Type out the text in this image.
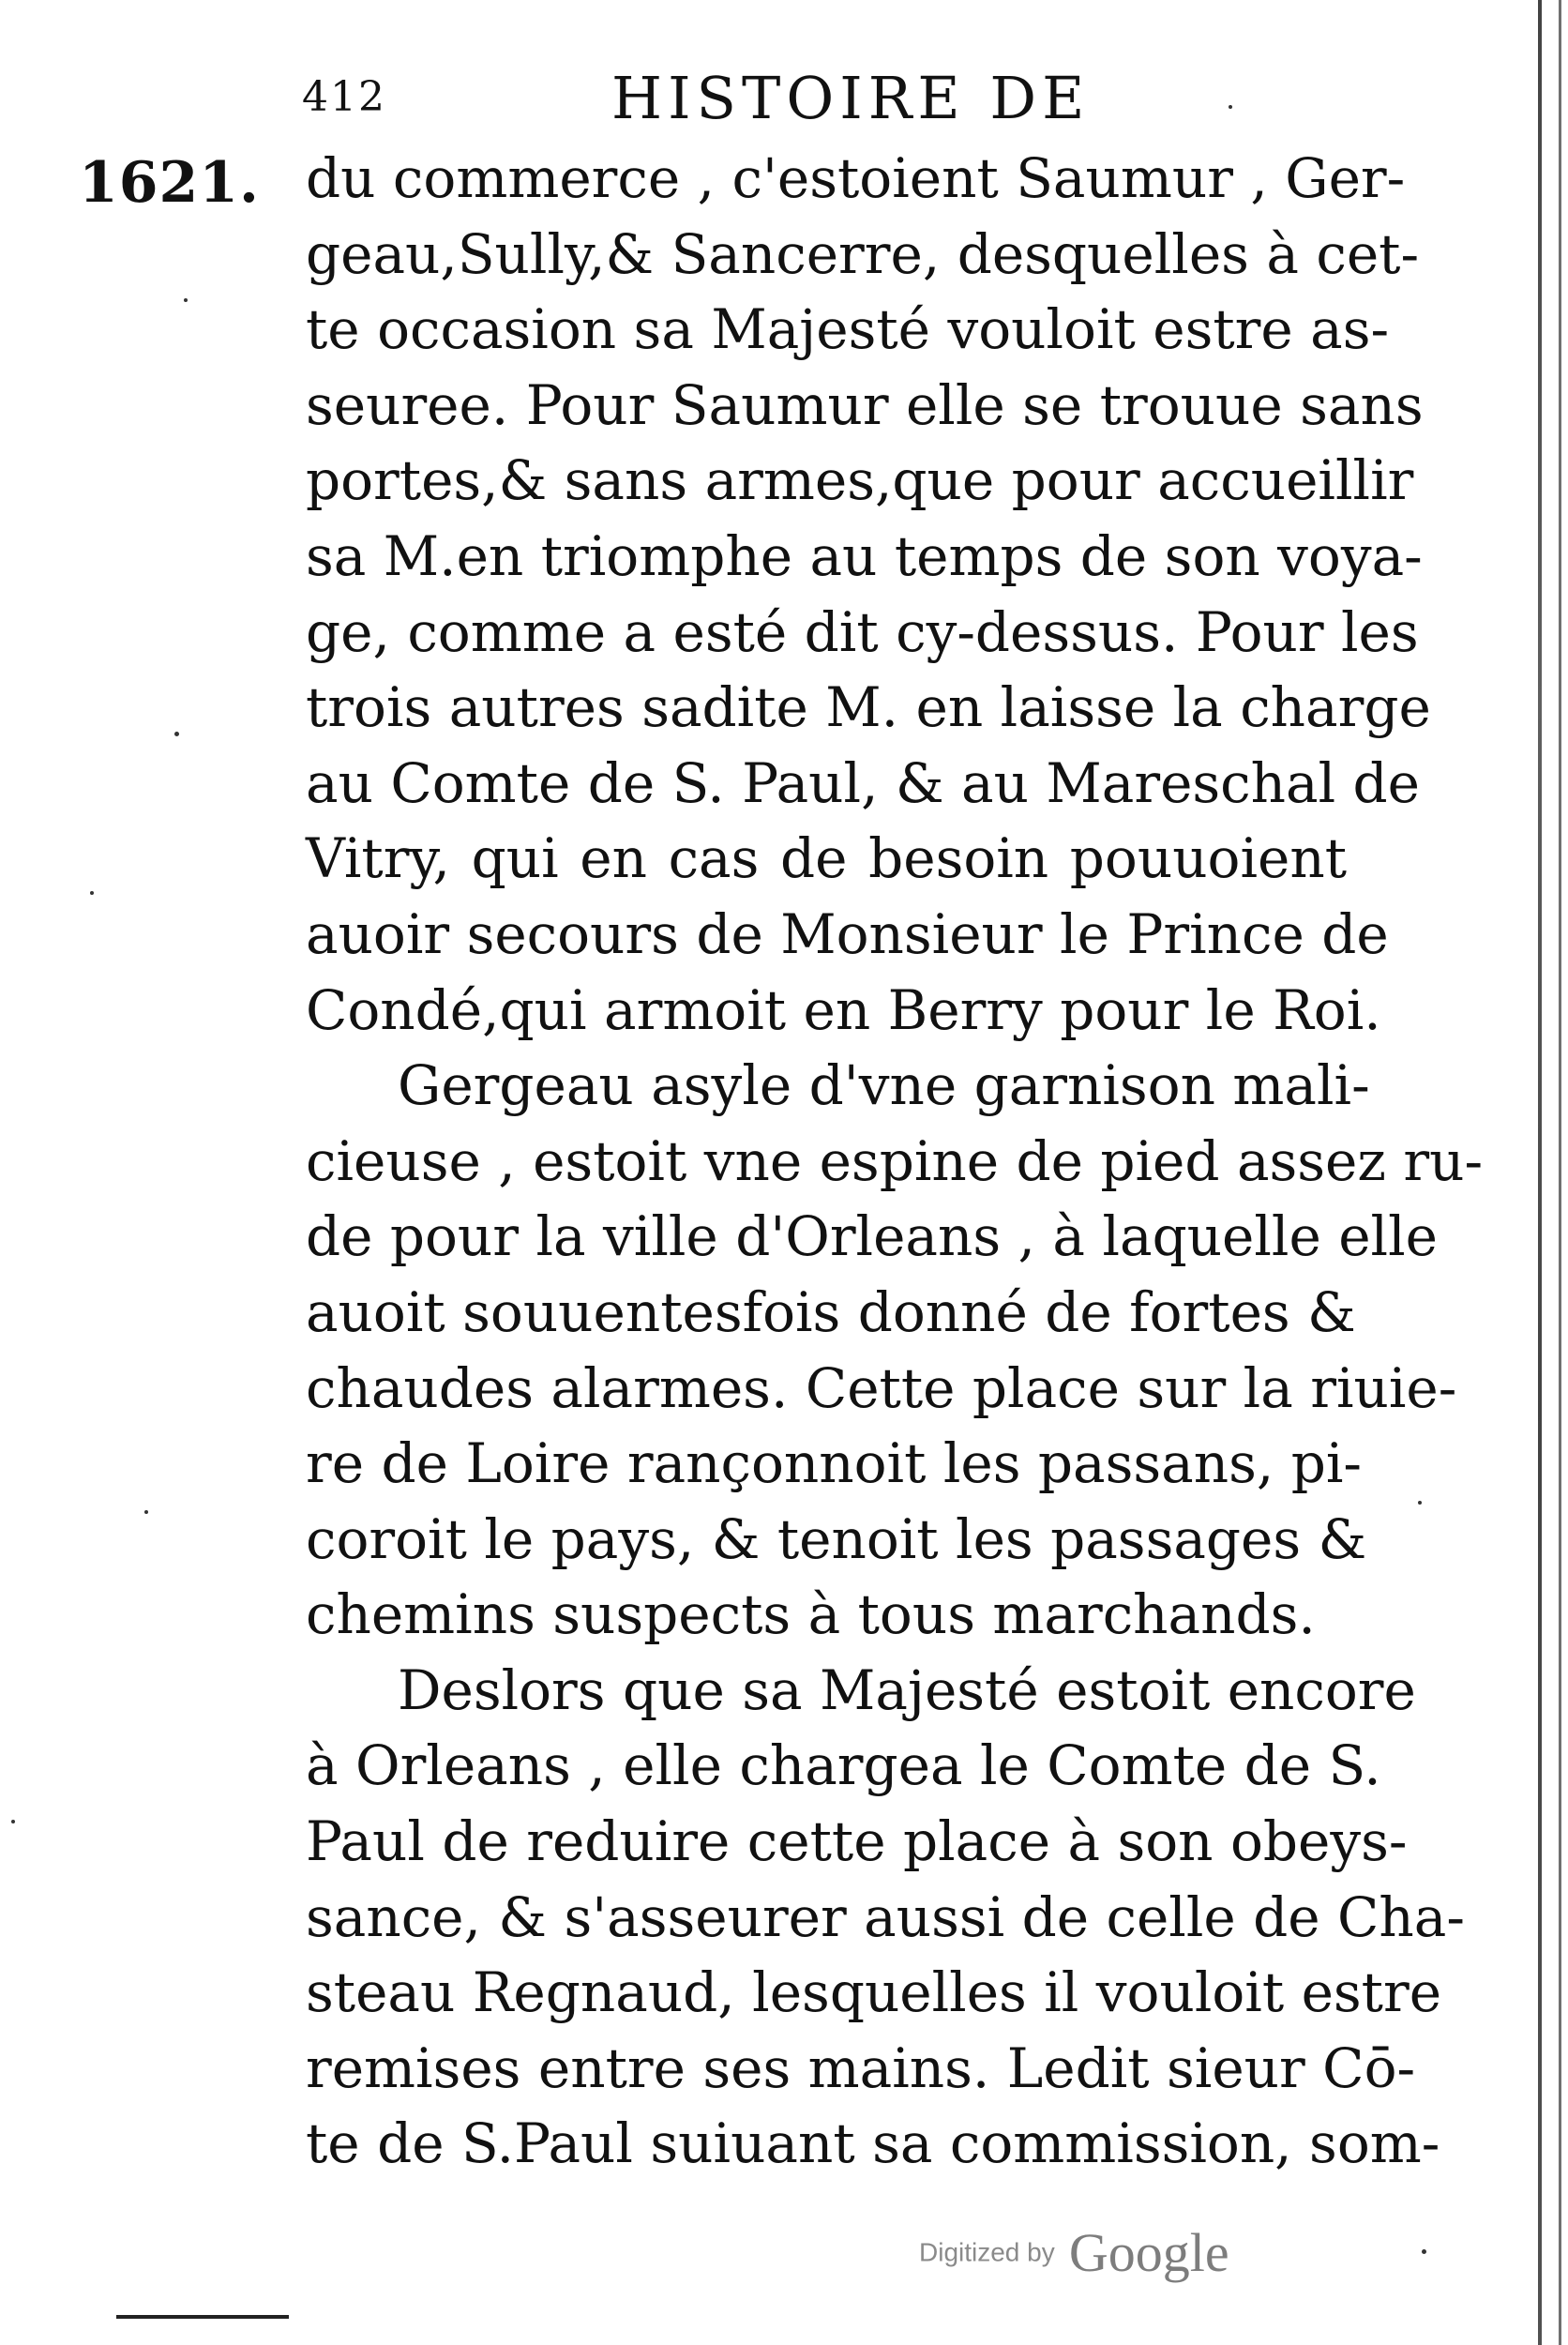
412	HISTOIRE DE
1621. du commerce , c'estoient Saumur , Ger-
geau,Sully,& Sancerre, desquelles à cet-
te occasion sa Majesté vouloit estre as-
seuree. Pour Saumur elle se trouue sans
portes,& sans armes,que pour accueillir
sa M.en triomphe au temps de son voya-
ge, comme a esté dit cy-dessus. Pour les
trois autres sadite M. en laisse la charge
au Comte de S. Paul, & au Mareschal de
Vitry, qui en cas de besoin pouuoient
auoir secours de Monsieur le Prince de
Condé,qui armoit en Berry pour le Roi.
Gergeau asyle d'vne garnison mali-
cieuse , estoit vne espine de pied assez ru-
de pour la ville d'Orleans , à laquelle elle
auoit souuentesfois donné de fortes &
chaudes alarmes. Cette place sur la riuie-
re de Loire rançonnoit les passans, pi-
coroit le pays, & tenoit les passages &
chemins suspects à tous marchands.
Deslors que sa Majesté estoit encore
à Orleans , elle chargea le Comte de S.
Paul de reduire cette place à son obeys-
sance, & s'asseurer aussi de celle de Cha-
steau Regnaud, lesquelles il vouloit estre
remises entre ses mains. Ledit sieur Cō-
te de S.Paul suiuant sa commission, som-
Digitized by Google
